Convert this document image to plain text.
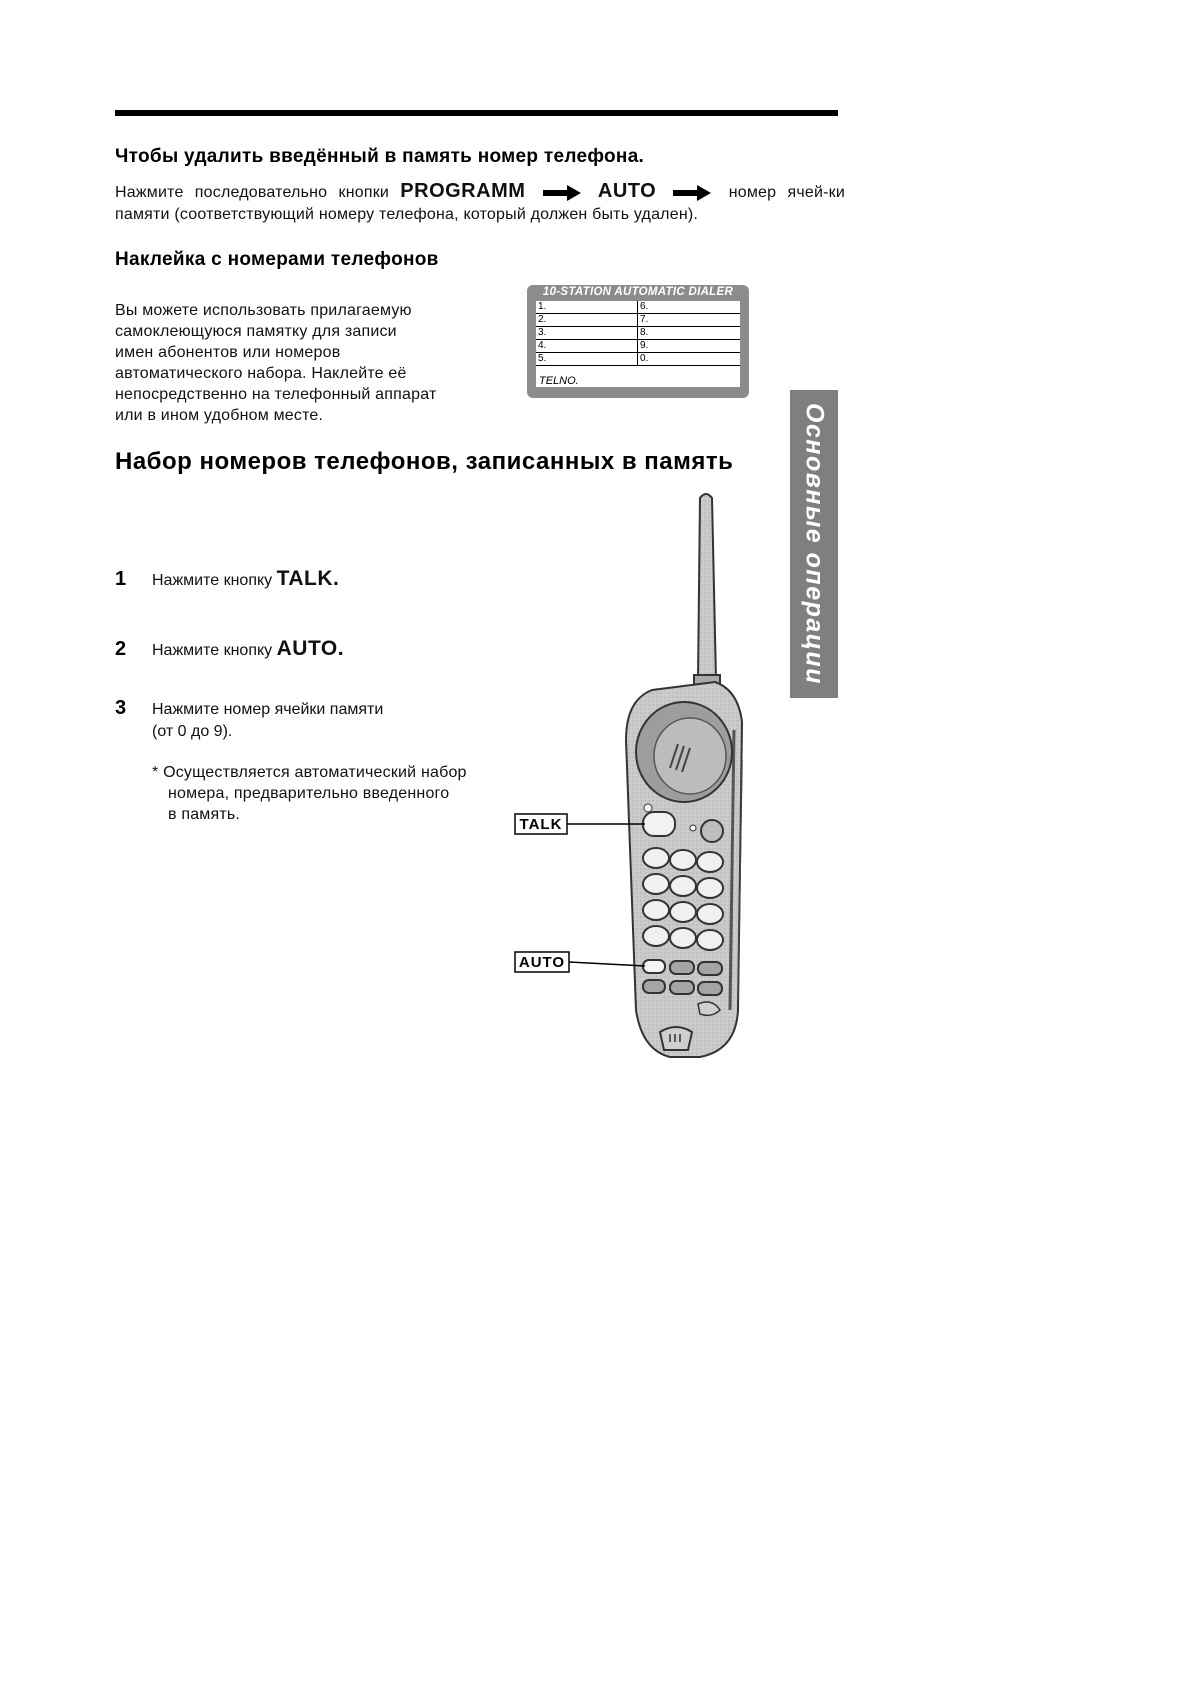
Чтобы удалить введённый в память номер телефона.
Нажмите последовательно кнопки PROGRAMM	AUTO	номер ячей-ки памяти (соответствующий номеру телефона, который должен быть удален).
Наклейка с номерами телефонов
Вы можете использовать прилагаемую
самоклеющуюся памятку для записи
имен абонентов или номеров
автоматического набора. Наклейте её
непосредственно на телефонный аппарат
или в ином удобном месте.
10-STATION AUTOMATIC DIALER
1.	6.
2.	7.
3.	8.
4.	9.
5.	0.
TELNO.
Основные операции
Набор номеров телефонов, записанных в память
1 Нажмите кнопку TALK.
2 Нажмите кнопку AUTO.
3 Нажмите номер ячейки памяти
(от 0 до 9).
* Осуществляется автоматический набор
номера, предварительно введенного
в память.
TALK
AUTO
